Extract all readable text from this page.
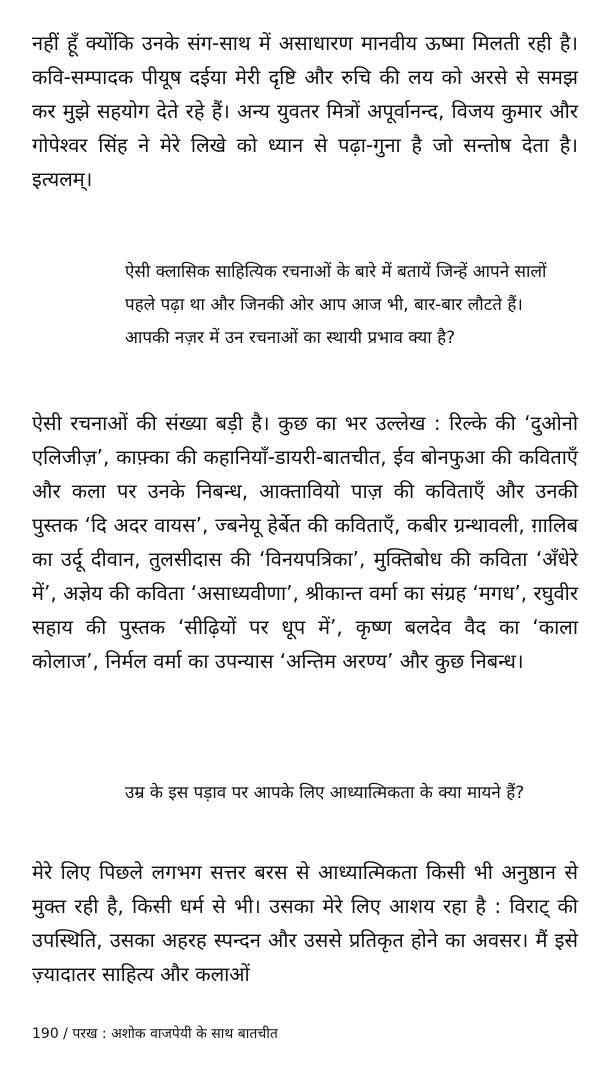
नहीं हूँ क्योंकि उनके संग-साथ में असाधारण मानवीय ऊष्मा मिलती रही है। कवि-सम्पादक पीयूष दईया मेरी दृष्टि और रुचि की लय को अरसे से समझ कर मुझे सहयोग देते रहे हैं। अन्य युवतर मित्रों अपूर्वानन्द, विजय कुमार और गोपेश्वर सिंह ने मेरे लिखे को ध्यान से पढ़ा-गुना है जो सन्तोष देता है। इत्यलम्।

ऐसी क्लासिक साहित्यिक रचनाओं के बारे में बतायें जिन्हें आपने सालों पहले पढ़ा था और जिनकी ओर आप आज भी, बार-बार लौटते हैं। आपकी नज़र में उन रचनाओं का स्थायी प्रभाव क्या है?

ऐसी रचनाओं की संख्या बड़ी है। कुछ का भर उल्लेख : रिल्के की ‘दुओनो एलिजीज़’, काफ़्का की कहानियाँ-डायरी-बातचीत, ईव बोनफुआ की कविताएँ और कला पर उनके निबन्ध, आक्तावियो पाज़ की कविताएँ और उनकी पुस्तक ‘दि अदर वायस’, ज्बनेयू हेर्बेत की कविताएँ, कबीर ग्रन्थावली, ग़ालिब का उर्दू दीवान, तुलसीदास की ‘विनयपत्रिका’, मुक्तिबोध की कविता ‘अँधेरे में’, अज्ञेय की कविता ‘असाध्यवीणा’, श्रीकान्त वर्मा का संग्रह ‘मगध’, रघुवीर सहाय की पुस्तक ‘सीढ़ियों पर धूप में’, कृष्ण बलदेव वैद का ‘काला कोलाज’, निर्मल वर्मा का उपन्यास ‘अन्तिम अरण्य’ और कुछ निबन्ध।

उम्र के इस पड़ाव पर आपके लिए आध्यात्मिकता के क्या मायने हैं?

मेरे लिए पिछले लगभग सत्तर बरस से आध्यात्मिकता किसी भी अनुष्ठान से मुक्त रही है, किसी धर्म से भी। उसका मेरे लिए आशय रहा है : विराट् की उपस्थिति, उसका अहरह स्पन्दन और उससे प्रतिकृत होने का अवसर। मैं इसे ज़्यादातर साहित्य और कलाओं

190 / परख : अशोक वाजपेयी के साथ बातचीत
